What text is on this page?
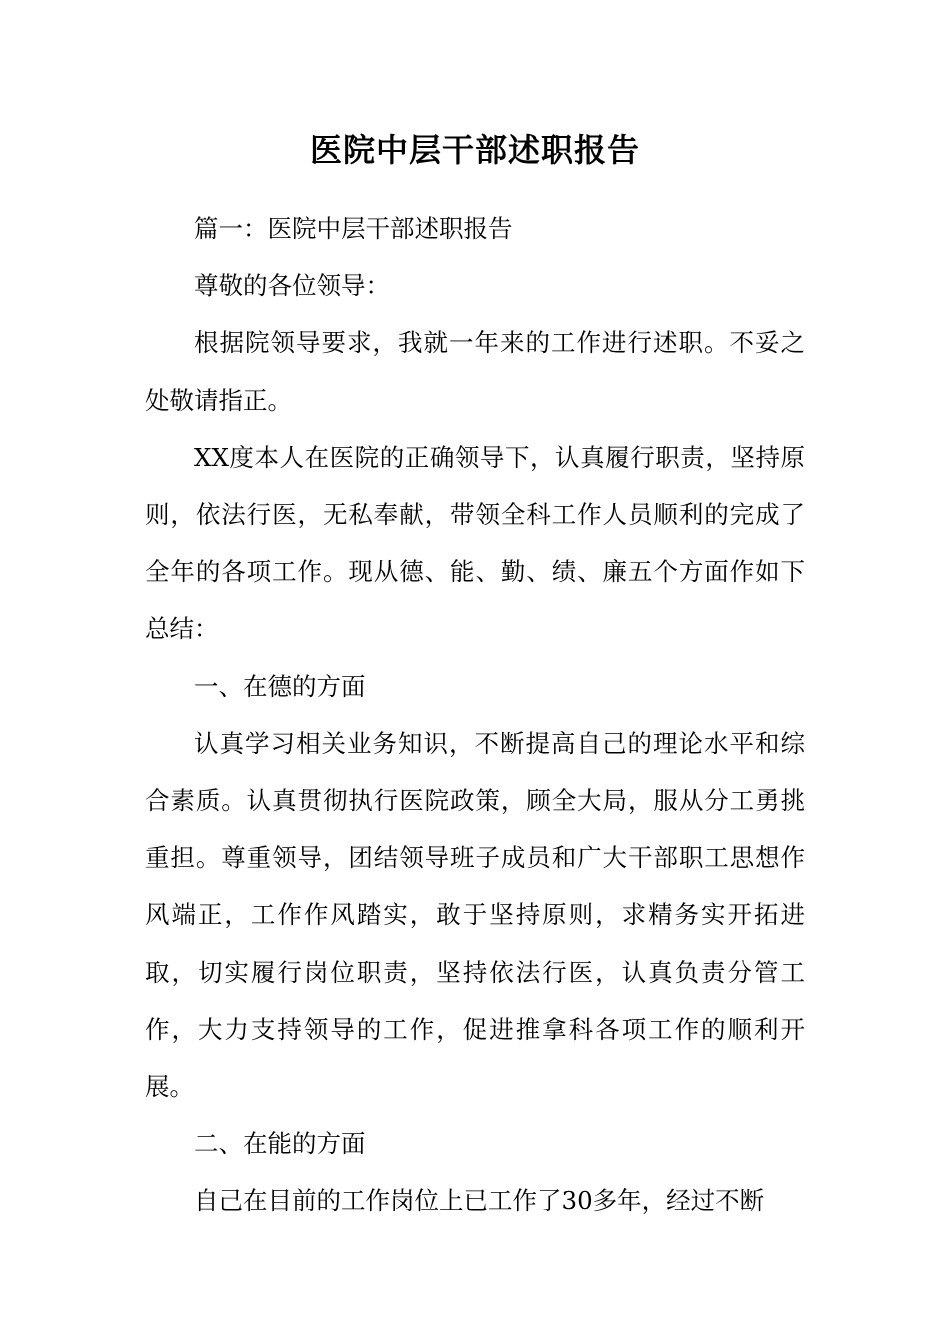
医院中层干部述职报告

篇一：医院中层干部述职报告

尊敬的各位领导：

根据院领导要求，我就一年来的工作进行述职。不妥之处敬请指正。

XX度本人在医院的正确领导下，认真履行职责，坚持原则，依法行医，无私奉献，带领全科工作人员顺利的完成了全年的各项工作。现从德、能、勤、绩、廉五个方面作如下总结：

一、在德的方面

认真学习相关业务知识，不断提高自己的理论水平和综合素质。认真贯彻执行医院政策，顾全大局，服从分工勇挑重担。尊重领导，团结领导班子成员和广大干部职工思想作风端正，工作作风踏实，敢于坚持原则，求精务实开拓进取，切实履行岗位职责，坚持依法行医，认真负责分管工作，大力支持领导的工作，促进推拿科各项工作的顺利开展。

二、在能的方面

自己在目前的工作岗位上已工作了30多年，经过不断
